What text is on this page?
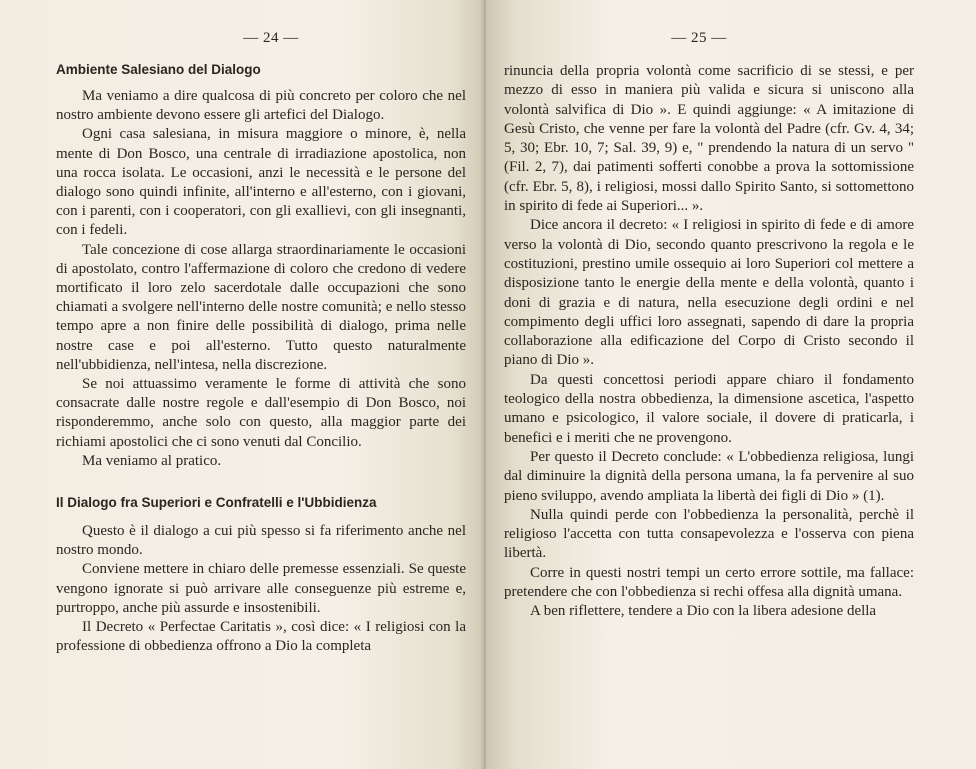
— 24 —
Ambiente Salesiano del Dialogo

Ma veniamo a dire qualcosa di più concreto per coloro che nel nostro ambiente devono essere gli artefici del Dialogo.

Ogni casa salesiana, in misura maggiore o minore, è, nella mente di Don Bosco, una centrale di irradiazione apostolica, non una rocca isolata. Le occasioni, anzi le necessità e le persone del dialogo sono quindi infinite, all'interno e all'esterno, con i giovani, con i parenti, con i cooperatori, con gli exallievi, con gli insegnanti, con i fedeli.

Tale concezione di cose allarga straordinariamente le occasioni di apostolato, contro l'affermazione di coloro che credono di vedere mortificato il loro zelo sacerdotale dalle occupazioni che sono chiamati a svolgere nell'interno delle nostre comunità; e nello stesso tempo apre a non finire delle possibilità di dialogo, prima nelle nostre case e poi all'esterno. Tutto questo naturalmente nell'ubbidienza, nell'intesa, nella discrezione.

Se noi attuassimo veramente le forme di attività che sono consacrate dalle nostre regole e dall'esempio di Don Bosco, noi risponderemmo, anche solo con questo, alla maggior parte dei richiami apostolici che ci sono venuti dal Concilio.

Ma veniamo al pratico.

Il Dialogo fra Superiori e Confratelli e l'Ubbidienza

Questo è il dialogo a cui più spesso si fa riferimento anche nel nostro mondo.

Conviene mettere in chiaro delle premesse essenziali. Se queste vengono ignorate si può arrivare alle conseguenze più estreme e, purtroppo, anche più assurde e insostenibili.

Il Decreto « Perfectae Caritatis », così dice: « I religiosi con la professione di obbedienza offrono a Dio la completa

— 25 —

rinuncia della propria volontà come sacrificio di se stessi, e per mezzo di esso in maniera più valida e sicura si uniscono alla volontà salvifica di Dio ». E quindi aggiunge: « A imitazione di Gesù Cristo, che venne per fare la volontà del Padre (cfr. Gv. 4, 34; 5, 30; Ebr. 10, 7; Sal. 39, 9) e, " prendendo la natura di un servo " (Fil. 2, 7), dai patimenti sofferti conobbe a prova la sottomissione (cfr. Ebr. 5, 8), i religiosi, mossi dallo Spirito Santo, si sottomettono in spirito di fede ai Superiori... ».

Dice ancora il decreto: « I religiosi in spirito di fede e di amore verso la volontà di Dio, secondo quanto prescrivono la regola e le costituzioni, prestino umile ossequio ai loro Superiori col mettere a disposizione tanto le energie della mente e della volontà, quanto i doni di grazia e di natura, nella esecuzione degli ordini e nel compimento degli uffici loro assegnati, sapendo di dare la propria collaborazione alla edificazione del Corpo di Cristo secondo il piano di Dio ».

Da questi concettosi periodi appare chiaro il fondamento teologico della nostra obbedienza, la dimensione ascetica, l'aspetto umano e psicologico, il valore sociale, il dovere di praticarla, i benefici e i meriti che ne provengono.

Per questo il Decreto conclude: « L'obbedienza religiosa, lungi dal diminuire la dignità della persona umana, la fa pervenire al suo pieno sviluppo, avendo ampliata la libertà dei figli di Dio » (1).

Nulla quindi perde con l'obbedienza la personalità, perchè il religioso l'accetta con tutta consapevolezza e l'osserva con piena libertà.

Corre in questi nostri tempi un certo errore sottile, ma fallace: pretendere che con l'obbedienza si rechi offesa alla dignità umana.

A ben riflettere, tendere a Dio con la libera adesione della
